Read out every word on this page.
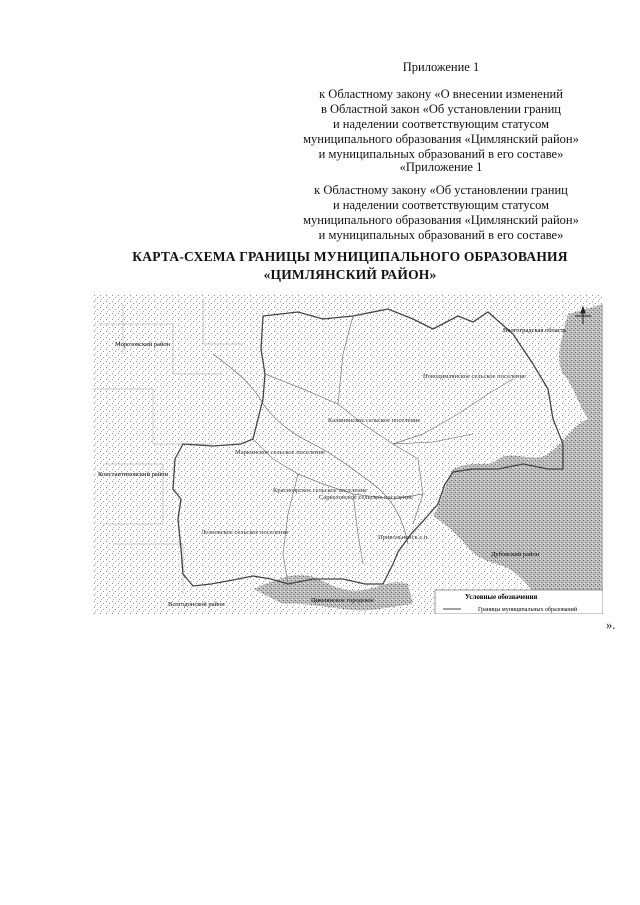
Приложение 1
к Областному закону «О внесении изменений
в Областной закон «Об установлении границ
и наделении соответствующим статусом
муниципального образования «Цимлянский район»
и муниципальных образований в его составе»
«Приложение 1
к Областному закону «Об установлении границ
и наделении соответствующим статусом
муниципального образования «Цимлянский район»
и муниципальных образований в его составе»
КАРТА-СХЕМА ГРАНИЦЫ МУНИЦИПАЛЬНОГО ОБРАЗОВАНИЯ
«ЦИМЛЯНСКИЙ РАЙОН»
Волгоградская область
Морозовский район
Константиновский район
Дубовский район
Волгодонской район
Цимлянское городское
Калининское сельское поселение
Новоцимлянское сельское поселение
Лозновское сельское поселение
Маркинское сельское поселение
Саркеловское сельское поселение
Красноярское сельское поселение
Привольненск.с.п.
Условные обозначения
Границы муниципальных образований
».
